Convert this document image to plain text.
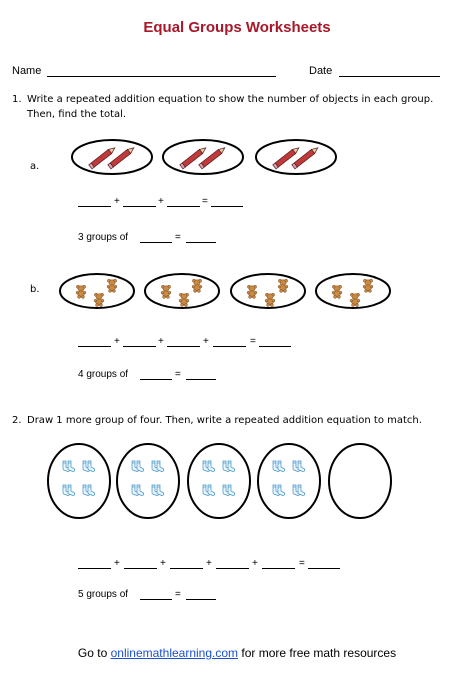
Equal Groups Worksheets
Name	Date
1. Write a repeated addition equation to show the number of objects in each group.
Then, find the total.
a.
+	+	=
3 groups of	=
b.
+	+	+	=
4 groups of	=
2. Draw 1 more group of four. Then, write a repeated addition equation to match.
+	+	+	+	=
5 groups of	=
Go to onlinemathlearning.com for more free math resources
